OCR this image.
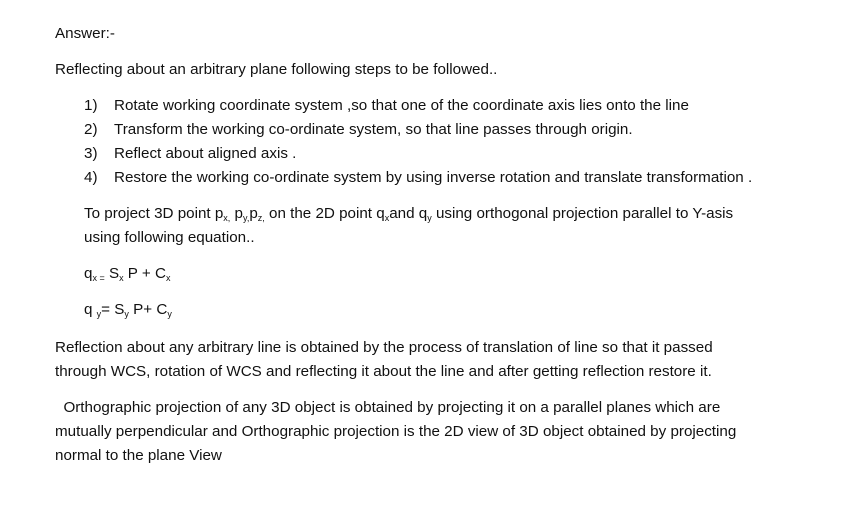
Answer:-
Reflecting about an arbitrary plane following steps to be followed..
1) Rotate working coordinate system ,so that one of the coordinate axis lies onto the line
2) Transform the working co-ordinate system, so that line passes through origin.
3) Reflect about aligned axis .
4) Restore the working co-ordinate system by using inverse rotation and translate transformation .
To project 3D point $p_{x,}$ $p_{y,}p_{z,}$ on the 2D point $q_xand$ $q_y$ using orthogonal projection parallel to Y-asis
using following equation..
$q_{x =}$ $S_x$ $P + C_x$
q $_y= S_y$ $P+ C_y$
Reflection about any arbitrary line is obtained by the process of translation of line so that it passed
through WCS, rotation of WCS and reflecting it about the line and after getting reflection restore it.
Orthographic projection of any 3D object is obtained by projecting it on a parallel planes which are
mutually perpendicular and Orthographic projection is the 2D view of 3D object obtained by projecting
normal to the plane View
